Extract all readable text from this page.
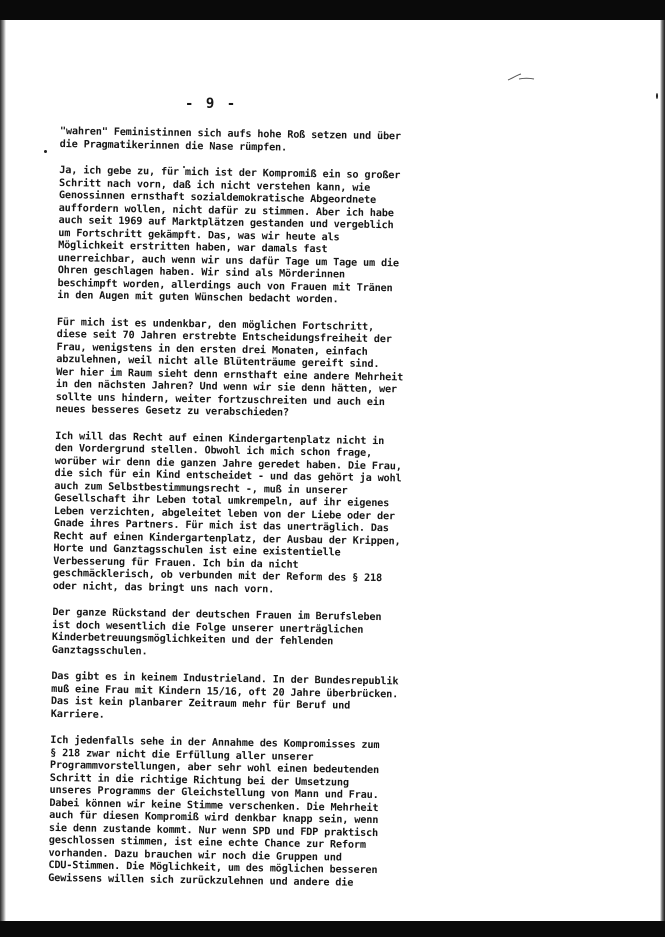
- 9 -

"wahren" Feministinnen sich aufs hohe Roß setzen und über
die Pragmatikerinnen die Nase rümpfen.

Ja, ich gebe zu, für mich ist der Kompromiß ein so großer
Schritt nach vorn, daß ich nicht verstehen kann, wie
Genossinnen ernsthaft sozialdemokratische Abgeordnete
auffordern wollen, nicht dafür zu stimmen. Aber ich habe
auch seit 1969 auf Marktplätzen gestanden und vergeblich
um Fortschritt gekämpft. Das, was wir heute als
Möglichkeit erstritten haben, war damals fast
unerreichbar, auch wenn wir uns dafür Tage um Tage um die
Ohren geschlagen haben. Wir sind als Mörderinnen
beschimpft worden, allerdings auch von Frauen mit Tränen
in den Augen mit guten Wünschen bedacht worden.

Für mich ist es undenkbar, den möglichen Fortschritt,
diese seit 70 Jahren erstrebte Entscheidungsfreiheit der
Frau, wenigstens in den ersten drei Monaten, einfach
abzulehnen, weil nicht alle Blütenträume gereift sind.
Wer hier im Raum sieht denn ernsthaft eine andere Mehrheit
in den nächsten Jahren? Und wenn wir sie denn hätten, wer
sollte uns hindern, weiter fortzuschreiten und auch ein
neues besseres Gesetz zu verabschieden?

Ich will das Recht auf einen Kindergartenplatz nicht in
den Vordergrund stellen. Obwohl ich mich schon frage,
worüber wir denn die ganzen Jahre geredet haben. Die Frau,
die sich für ein Kind entscheidet - und das gehört ja wohl
auch zum Selbstbestimmungsrecht -, muß in unserer
Gesellschaft ihr Leben total umkrempeln, auf ihr eigenes
Leben verzichten, abgeleitet leben von der Liebe oder der
Gnade ihres Partners. Für mich ist das unerträglich. Das
Recht auf einen Kindergartenplatz, der Ausbau der Krippen,
Horte und Ganztagsschulen ist eine existentielle
Verbesserung für Frauen. Ich bin da nicht
geschmäcklerisch, ob verbunden mit der Reform des § 218
oder nicht, das bringt uns nach vorn.

Der ganze Rückstand der deutschen Frauen im Berufsleben
ist doch wesentlich die Folge unserer unerträglichen
Kinderbetreuungsmöglichkeiten und der fehlenden
Ganztagsschulen.

Das gibt es in keinem Industrieland. In der Bundesrepublik
muß eine Frau mit Kindern 15/16, oft 20 Jahre überbrücken.
Das ist kein planbarer Zeitraum mehr für Beruf und
Karriere.

Ich jedenfalls sehe in der Annahme des Kompromisses zum
§ 218 zwar nicht die Erfüllung aller unserer
Programmvorstellungen, aber sehr wohl einen bedeutenden
Schritt in die richtige Richtung bei der Umsetzung
unseres Programms der Gleichstellung von Mann und Frau.
Dabei können wir keine Stimme verschenken. Die Mehrheit
auch für diesen Kompromiß wird denkbar knapp sein, wenn
sie denn zustande kommt. Nur wenn SPD und FDP praktisch
geschlossen stimmen, ist eine echte Chance zur Reform
vorhanden. Dazu brauchen wir noch die Gruppen und
CDU-Stimmen. Die Möglichkeit, um des möglichen besseren
Gewissens willen sich zurückzulehnen und andere die
